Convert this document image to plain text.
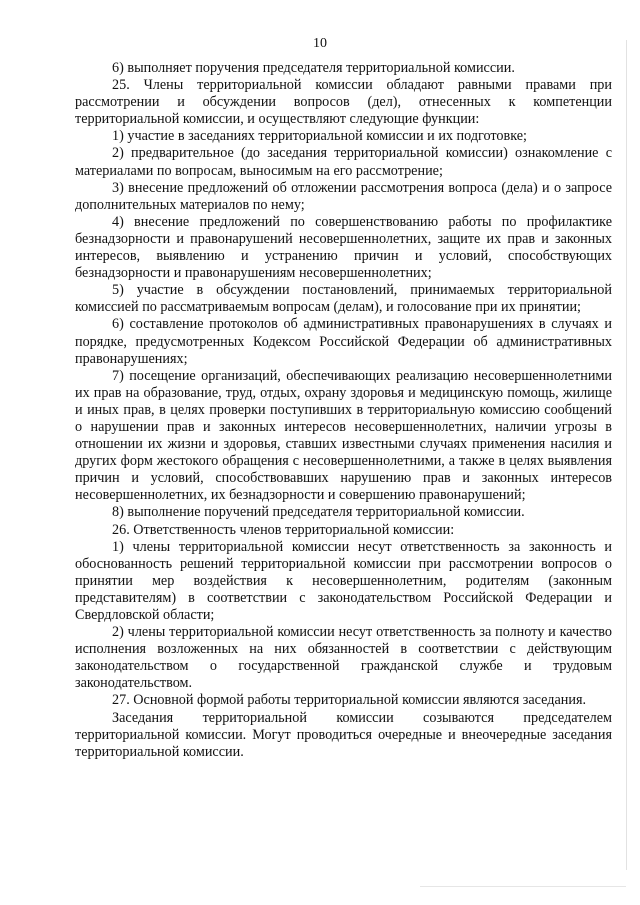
10

6) выполняет поручения председателя территориальной комиссии.

25. Члены территориальной комиссии обладают равными правами при рассмотрении и обсуждении вопросов (дел), отнесенных к компетенции территориальной комиссии, и осуществляют следующие функции:

1) участие в заседаниях территориальной комиссии и их подготовке;

2) предварительное (до заседания территориальной комиссии) ознакомление с материалами по вопросам, выносимым на его рассмотрение;

3) внесение предложений об отложении рассмотрения вопроса (дела) и о запросе дополнительных материалов по нему;

4) внесение предложений по совершенствованию работы по профилактике безнадзорности и правонарушений несовершеннолетних, защите их прав и законных интересов, выявлению и устранению причин и условий, способствующих безнадзорности и правонарушениям несовершеннолетних;

5) участие в обсуждении постановлений, принимаемых территориальной комиссией по рассматриваемым вопросам (делам), и голосование при их принятии;

6) составление протоколов об административных правонарушениях в случаях и порядке, предусмотренных Кодексом Российской Федерации об административных правонарушениях;

7) посещение организаций, обеспечивающих реализацию несовершеннолетними их прав на образование, труд, отдых, охрану здоровья и медицинскую помощь, жилище и иных прав, в целях проверки поступивших в территориальную комиссию сообщений о нарушении прав и законных интересов несовершеннолетних, наличии угрозы в отношении их жизни и здоровья, ставших известными случаях применения насилия и других форм жестокого обращения с несовершеннолетними, а также в целях выявления причин и условий, способствовавших нарушению прав и законных интересов несовершеннолетних, их безнадзорности и совершению правонарушений;

8) выполнение поручений председателя территориальной комиссии.

26. Ответственность членов территориальной комиссии:

1) члены территориальной комиссии несут ответственность за законность и обоснованность решений территориальной комиссии при рассмотрении вопросов о принятии мер воздействия к несовершеннолетним, родителям (законным представителям) в соответствии с законодательством Российской Федерации и Свердловской области;

2) члены территориальной комиссии несут ответственность за полноту и качество исполнения возложенных на них обязанностей в соответствии с действующим законодательством о государственной гражданской службе и трудовым законодательством.

27. Основной формой работы территориальной комиссии являются заседания.

Заседания территориальной комиссии созываются председателем территориальной комиссии. Могут проводиться очередные и внеочередные заседания территориальной комиссии.
